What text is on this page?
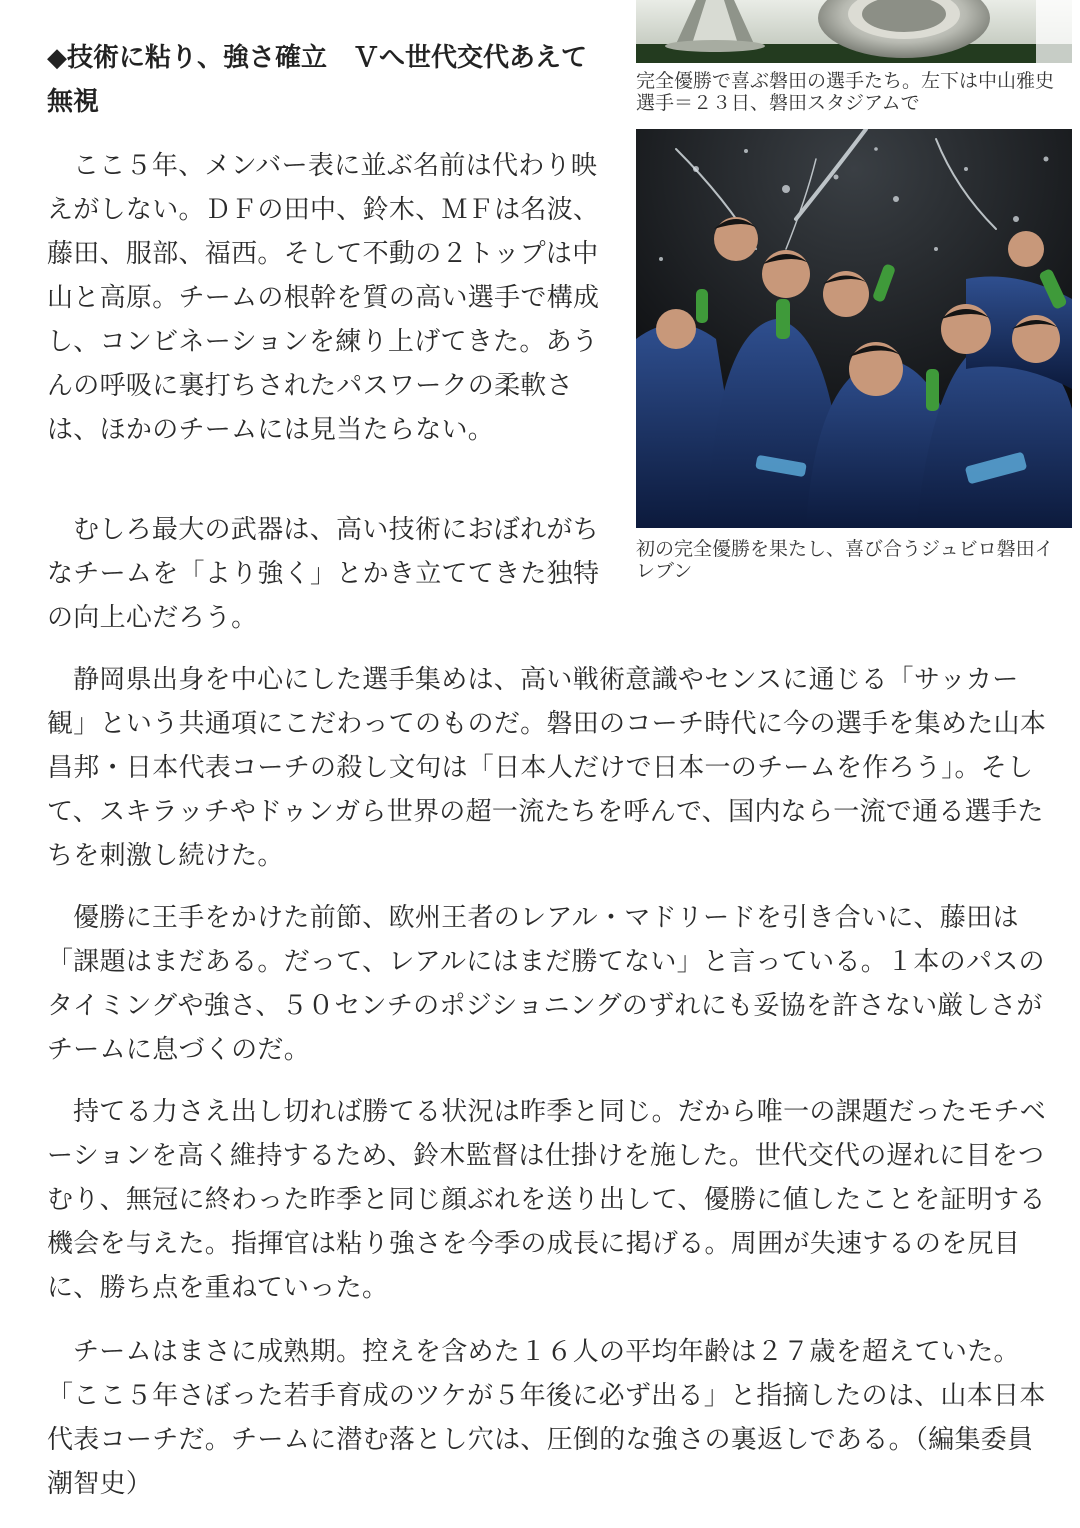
◆技術に粘り、強さ確立　Ｖへ世代交代あえて無視

ここ５年、メンバー表に並ぶ名前は代わり映えがしない。ＤＦの田中、鈴木、ＭＦは名波、藤田、服部、福西。そして不動の２トップは中山と高原。チームの根幹を質の高い選手で構成し、コンビネーションを練り上げてきた。あうんの呼吸に裏打ちされたパスワークの柔軟さは、ほかのチームには見当たらない。

むしろ最大の武器は、高い技術におぼれがちなチームを「より強く」とかき立ててきた独特の向上心だろう。

静岡県出身を中心にした選手集めは、高い戦術意識やセンスに通じる「サッカー観」という共通項にこだわってのものだ。磐田のコーチ時代に今の選手を集めた山本昌邦・日本代表コーチの殺し文句は「日本人だけで日本一のチームを作ろう」。そして、スキラッチやドゥンガら世界の超一流たちを呼んで、国内なら一流で通る選手たちを刺激し続けた。

優勝に王手をかけた前節、欧州王者のレアル・マドリードを引き合いに、藤田は「課題はまだある。だって、レアルにはまだ勝てない」と言っている。１本のパスのタイミングや強さ、５０センチのポジショニングのずれにも妥協を許さない厳しさがチームに息づくのだ。

持てる力さえ出し切れば勝てる状況は昨季と同じ。だから唯一の課題だったモチベーションを高く維持するため、鈴木監督は仕掛けを施した。世代交代の遅れに目をつむり、無冠に終わった昨季と同じ顔ぶれを送り出して、優勝に値したことを証明する機会を与えた。指揮官は粘り強さを今季の成長に掲げる。周囲が失速するのを尻目に、勝ち点を重ねていった。

チームはまさに成熟期。控えを含めた１６人の平均年齢は２７歳を超えていた。「ここ５年さぼった若手育成のツケが５年後に必ず出る」と指摘したのは、山本日本代表コーチだ。チームに潜む落とし穴は、圧倒的な強さの裏返しである。（編集委員　潮智史）

完全優勝で喜ぶ磐田の選手たち。左下は中山雅史選手＝２３日、磐田スタジアムで

初の完全優勝を果たし、喜び合うジュビロ磐田イレブン
